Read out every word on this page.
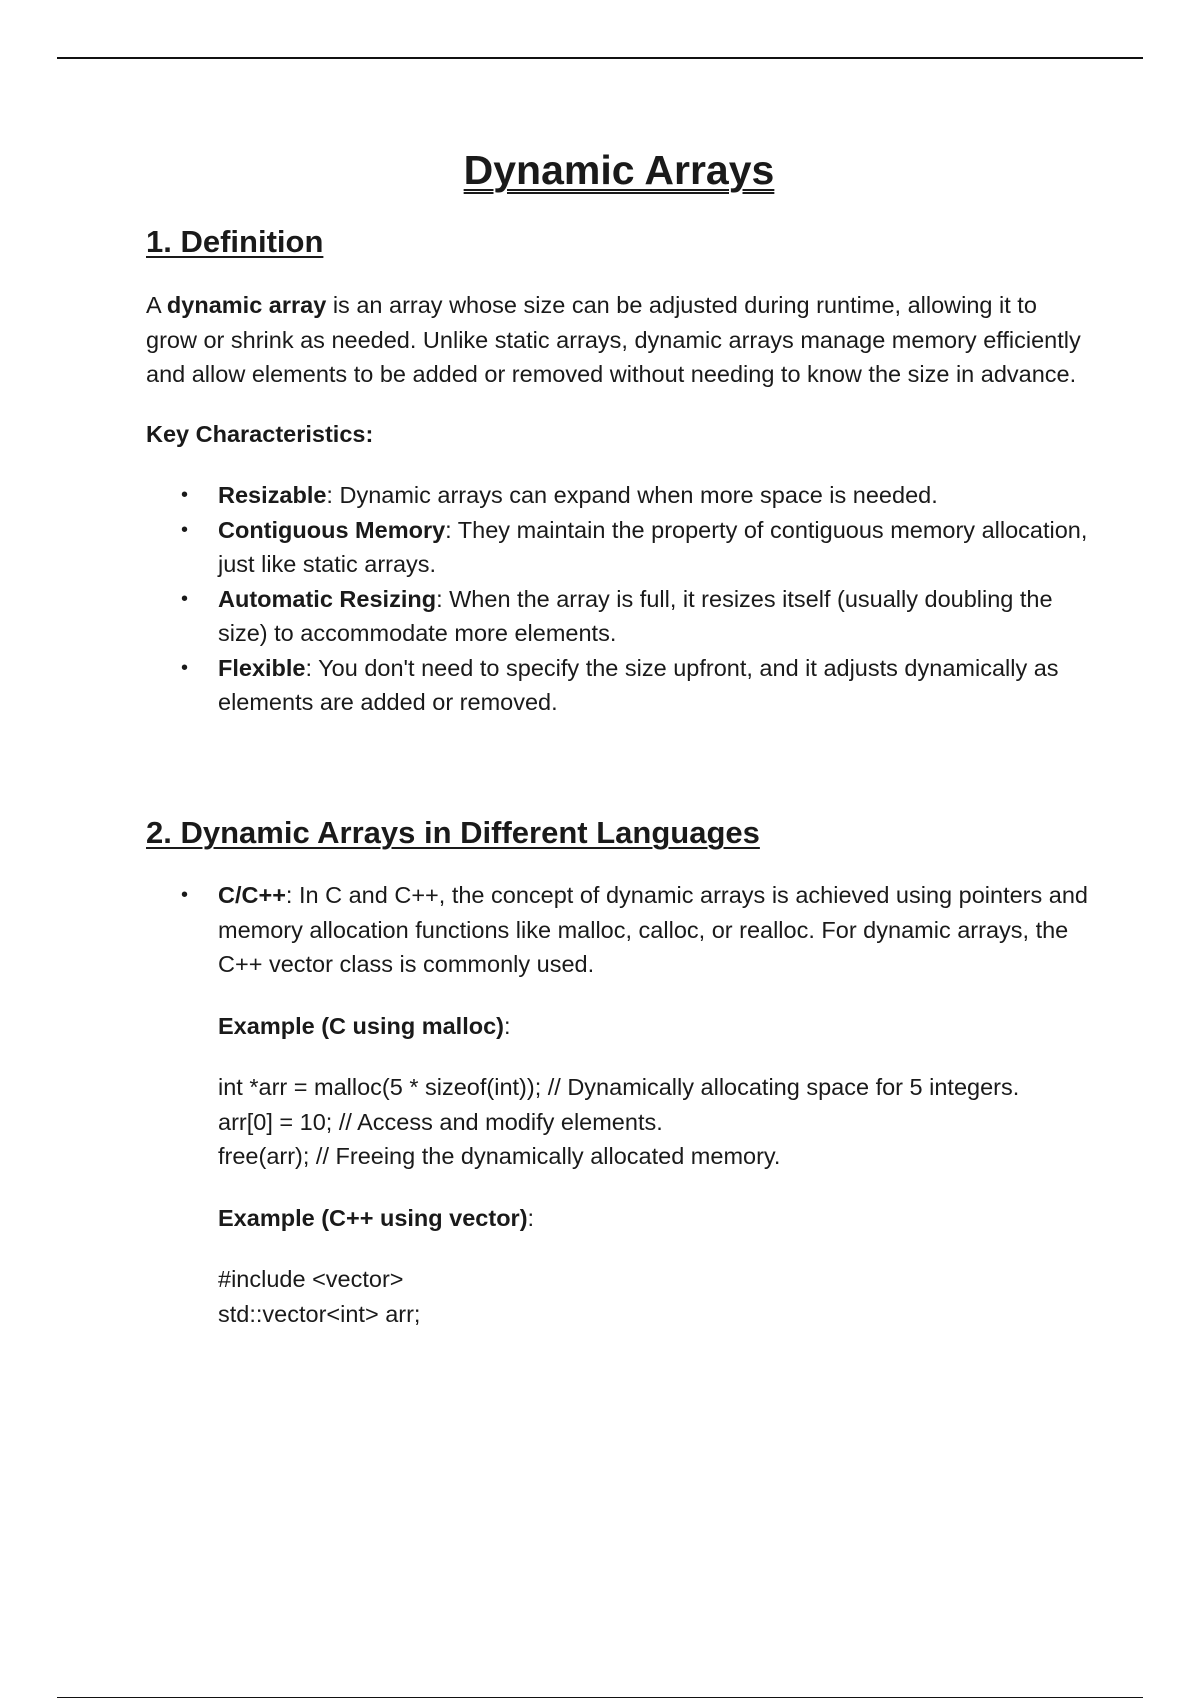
Dynamic Arrays
1. Definition

A dynamic array is an array whose size can be adjusted during runtime, allowing it to grow or shrink as needed. Unlike static arrays, dynamic arrays manage memory efficiently and allow elements to be added or removed without needing to know the size in advance.

Key Characteristics:

• Resizable: Dynamic arrays can expand when more space is needed.
• Contiguous Memory: They maintain the property of contiguous memory allocation, just like static arrays.
• Automatic Resizing: When the array is full, it resizes itself (usually doubling the size) to accommodate more elements.
• Flexible: You don't need to specify the size upfront, and it adjusts dynamically as elements are added or removed.
2. Dynamic Arrays in Different Languages
• C/C++: In C and C++, the concept of dynamic arrays is achieved using pointers and memory allocation functions like malloc, calloc, or realloc. For dynamic arrays, the C++ vector class is commonly used.

Example (C using malloc):

int *arr = malloc(5 * sizeof(int)); // Dynamically allocating space for 5 integers.
arr[0] = 10; // Access and modify elements.
free(arr); // Freeing the dynamically allocated memory.

Example (C++ using vector):

#include <vector>
std::vector<int> arr;
